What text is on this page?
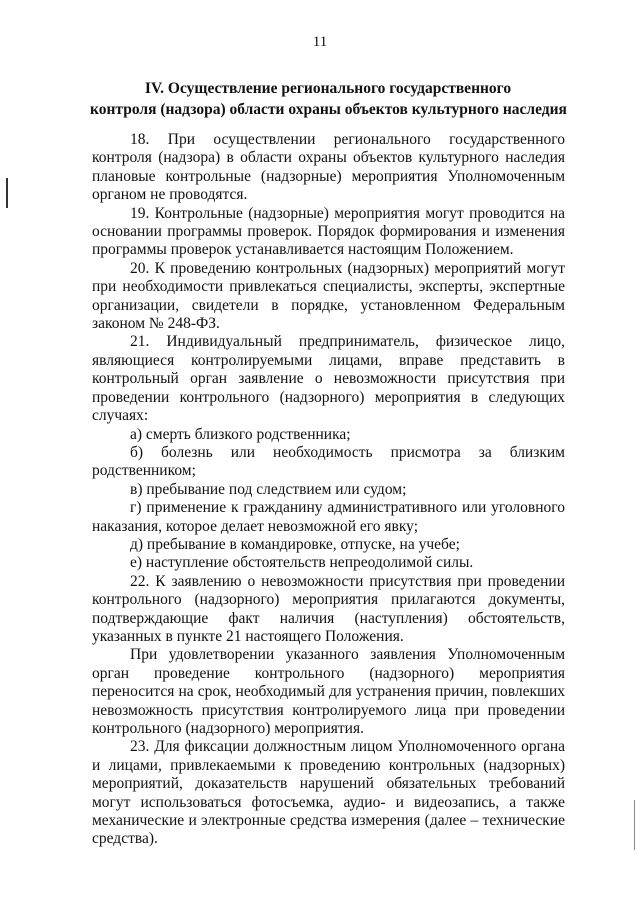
11
IV. Осуществление регионального государственного
контроля (надзора) области охраны объектов культурного наследия

18. При осуществлении регионального государственного контроля (надзора) в области охраны объектов культурного наследия плановые контрольные (надзорные) мероприятия Уполномоченным органом не проводятся.

19. Контрольные (надзорные) мероприятия могут проводится на основании программы проверок. Порядок формирования и изменения программы проверок устанавливается настоящим Положением.

20. К проведению контрольных (надзорных) мероприятий могут при необходимости привлекаться специалисты, эксперты, экспертные организации, свидетели в порядке, установленном Федеральным законом № 248-ФЗ.

21. Индивидуальный предприниматель, физическое лицо, являющиеся контролируемыми лицами, вправе представить в контрольный орган заявление о невозможности присутствия при проведении контрольного (надзорного) мероприятия в следующих случаях:

а) смерть близкого родственника;

б) болезнь или необходимость присмотра за близким родственником;

в) пребывание под следствием или судом;

г) применение к гражданину административного или уголовного наказания, которое делает невозможной его явку;

д) пребывание в командировке, отпуске, на учебе;

е) наступление обстоятельств непреодолимой силы.

22. К заявлению о невозможности присутствия при проведении контрольного (надзорного) мероприятия прилагаются документы, подтверждающие факт наличия (наступления) обстоятельств, указанных в пункте 21 настоящего Положения.

При удовлетворении указанного заявления Уполномоченным орган проведение контрольного (надзорного) мероприятия переносится на срок, необходимый для устранения причин, повлекших невозможность присутствия контролируемого лица при проведении контрольного (надзорного) мероприятия.

23. Для фиксации должностным лицом Уполномоченного органа и лицами, привлекаемыми к проведению контрольных (надзорных) мероприятий, доказательств нарушений обязательных требований могут использоваться фотосъемка, аудио- и видеозапись, а также механические и электронные средства измерения (далее – технические средства).
